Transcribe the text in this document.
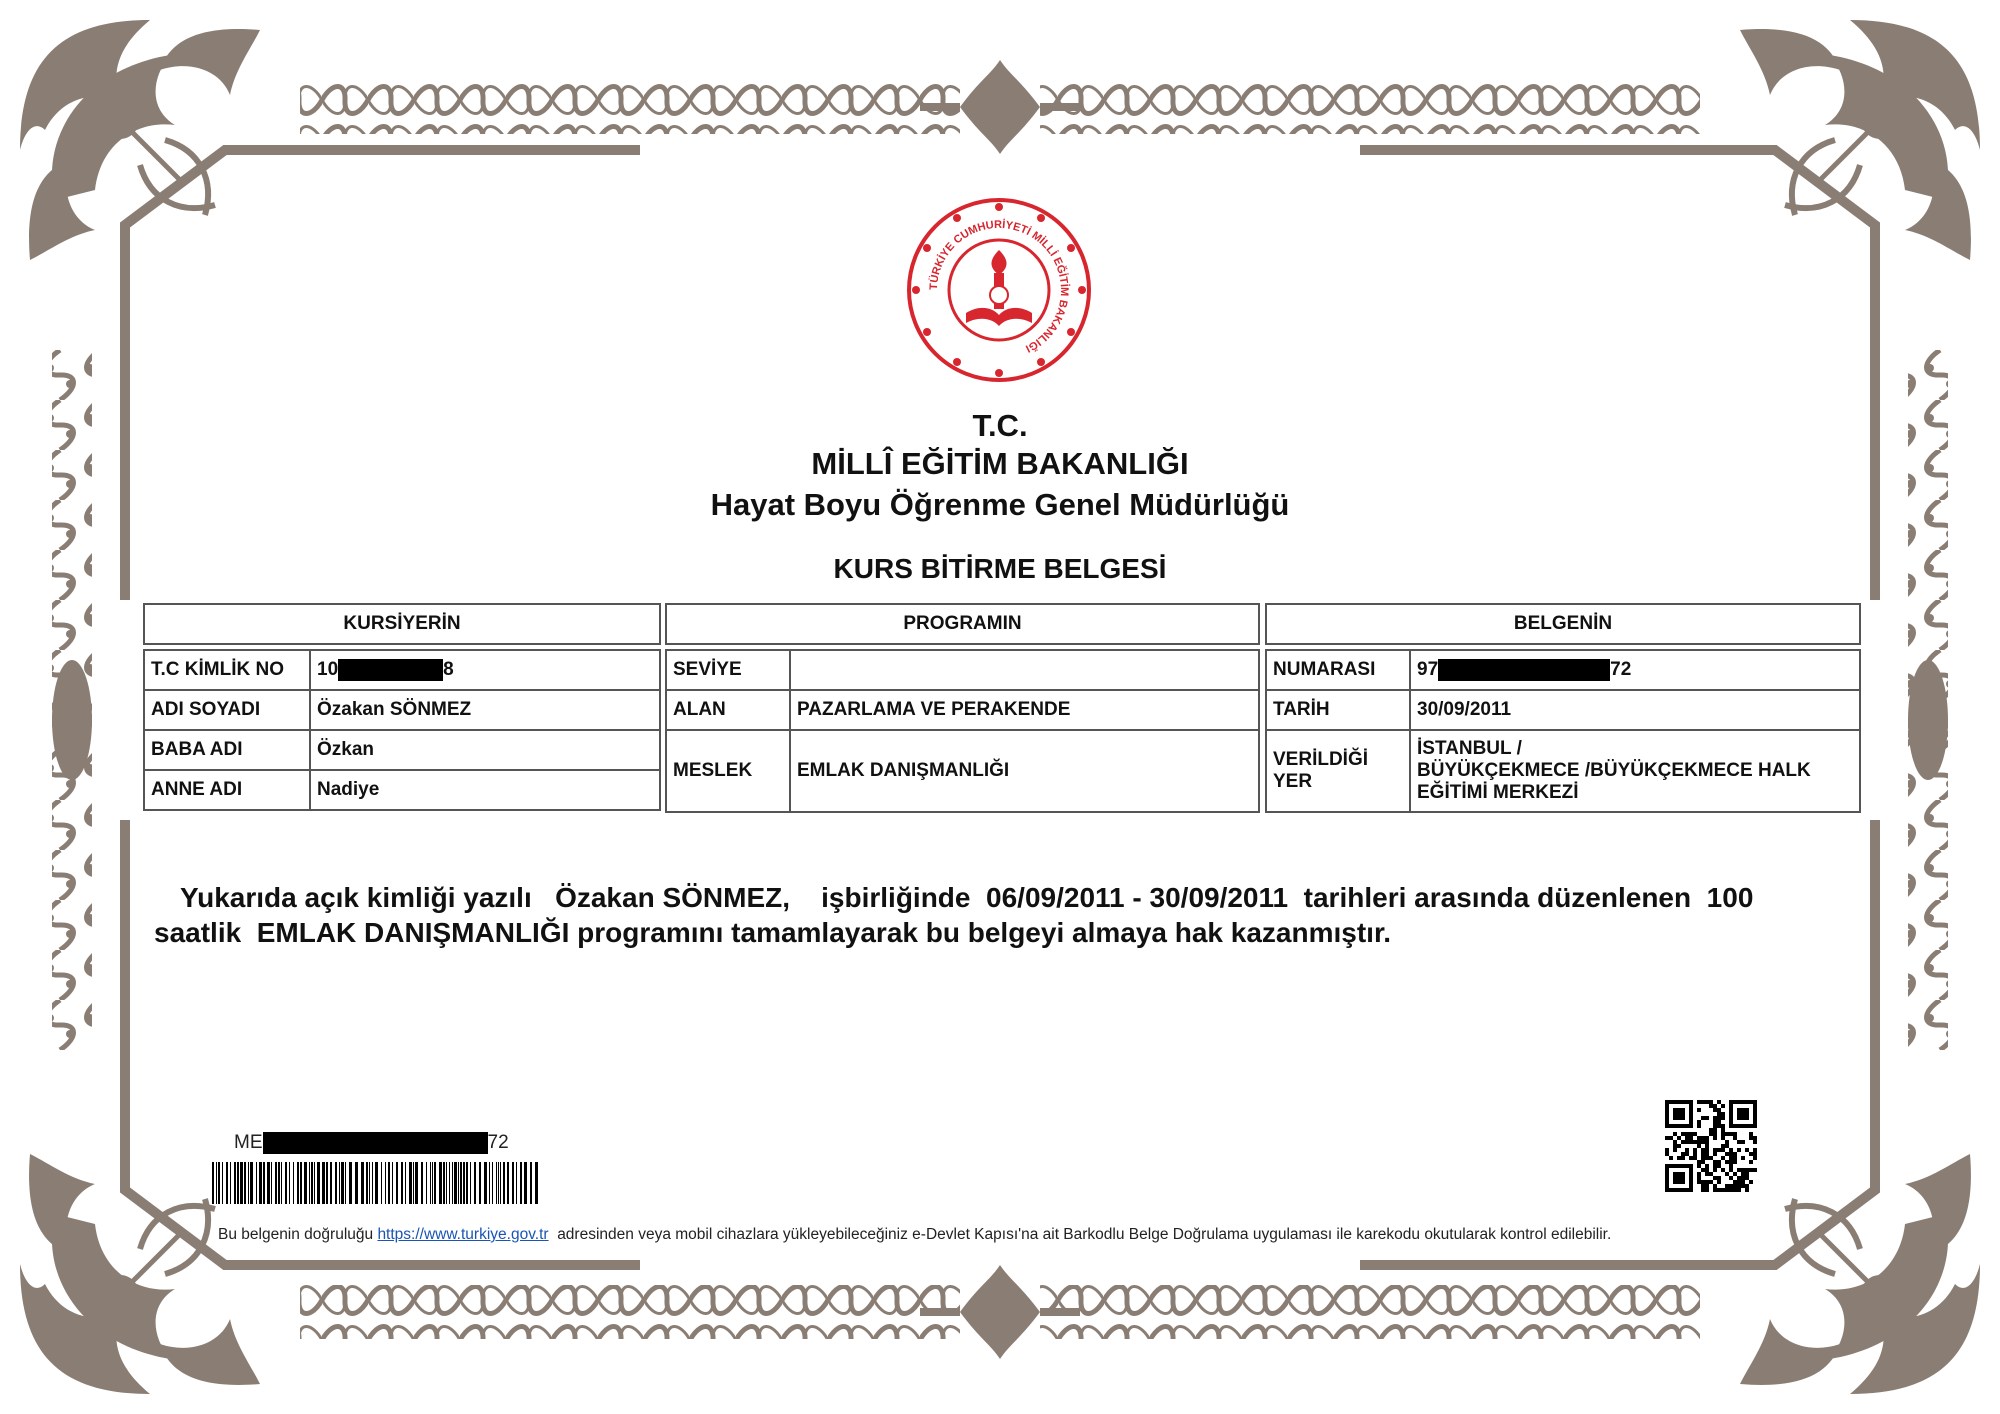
TÜRKİYE CUMHURİYETİ MİLLİ EĞİTİM BAKANLIĞI
T.C.
MİLLÎ EĞİTİM BAKANLIĞI
Hayat Boyu Öğrenme Genel Müdürlüğü
KURS BİTİRME BELGESİ
KURSİYERİN	

T.C KİMLİK NO	10 8
ADI SOYADI	Özakan SÖNMEZ
BABA ADI	Özkan
ANNE ADI	Nadiye
PROGRAMIN	

SEVİYE	
ALAN	PAZARLAMA VE PERAKENDE
MESLEK	EMLAK DANIŞMANLIĞI
BELGENİN	

NUMARASI	97 72
TARİH	30/09/2011
VERİLDİĞİ
YER	İSTANBUL /
BÜYÜKÇEKMECE /BÜYÜKÇEKMECE HALK
EĞİTİMİ MERKEZİ
Yukarıda açık kimliği yazılı   Özakan SÖNMEZ,    işbirliğinde  06/09/2011 - 30/09/2011  tarihleri arasında düzenlenen  100
saatlik  EMLAK DANIŞMANLIĞI programını tamamlayarak bu belgeyi almaya hak kazanmıştır.
ME	72
Bu belgenin doğruluğu https://www.turkiye.gov.tr  adresinden veya mobil cihazlara yükleyebileceğiniz e-Devlet Kapısı'na ait Barkodlu Belge Doğrulama uygulaması ile karekodu okutularak kontrol edilebilir.
